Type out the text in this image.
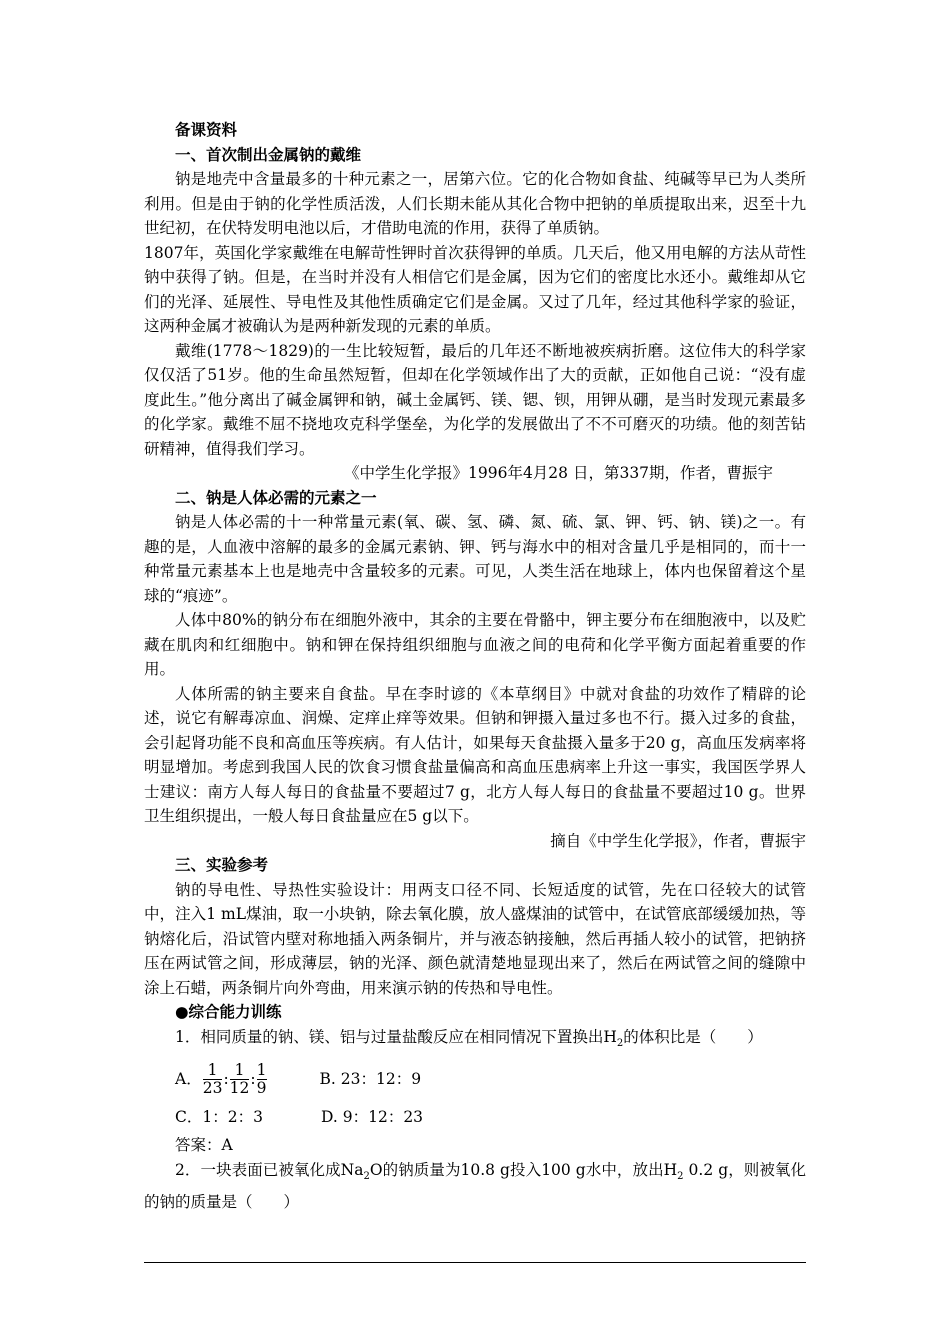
备课资料

一、首次制出金属钠的戴维

钠是地壳中含量最多的十种元素之一，居第六位。它的化合物如食盐、纯碱等早已为人类所利用。但是由于钠的化学性质活泼，人们长期未能从其化合物中把钠的单质提取出来，迟至十九世纪初，在伏特发明电池以后，才借助电流的作用，获得了单质钠。

1807年，英国化学家戴维在电解苛性钾时首次获得钾的单质。几天后，他又用电解的方法从苛性钠中获得了钠。但是，在当时并没有人相信它们是金属，因为它们的密度比水还小。戴维却从它们的光泽、延展性、导电性及其他性质确定它们是金属。又过了几年，经过其他科学家的验证，这两种金属才被确认为是两种新发现的元素的单质。

戴维(1778～1829)的一生比较短暂，最后的几年还不断地被疾病折磨。这位伟大的科学家仅仅活了51岁。他的生命虽然短暂，但却在化学领域作出了大的贡献，正如他自己说：“没有虚度此生。”他分离出了碱金属钾和钠，碱土金属钙、镁、锶、钡，用钾从硼，是当时发现元素最多的化学家。戴维不屈不挠地攻克科学堡垒，为化学的发展做出了不不可磨灭的功绩。他的刻苦钻研精神，值得我们学习。

《中学生化学报》1996年4月28 日，第337期，作者，曹振宇

二、钠是人体必需的元素之一

钠是人体必需的十一种常量元素(氧、碳、氢、磷、氮、硫、氯、钾、钙、钠、镁)之一。有趣的是，人血液中溶解的最多的金属元素钠、钾、钙与海水中的相对含量几乎是相同的，而十一种常量元素基本上也是地壳中含量较多的元素。可见，人类生活在地球上，体内也保留着这个星球的“痕迹”。

人体中80%的钠分布在细胞外液中，其余的主要在骨骼中，钾主要分布在细胞液中，以及贮藏在肌肉和红细胞中。钠和钾在保持组织细胞与血液之间的电荷和化学平衡方面起着重要的作用。

人体所需的钠主要来自食盐。早在李时谚的《本草纲目》中就对食盐的功效作了精辟的论述，说它有解毒凉血、润燥、定痒止痒等效果。但钠和钾摄入量过多也不行。摄入过多的食盐，会引起肾功能不良和高血压等疾病。有人估计，如果每天食盐摄入量多于20 g，高血压发病率将明显增加。考虑到我国人民的饮食习惯食盐量偏高和高血压患病率上升这一事实，我国医学界人士建议：南方人每人每日的食盐量不要超过7 g，北方人每人每日的食盐量不要超过10 g。世界卫生组织提出，一般人每日食盐量应在5 g以下。

摘自《中学生化学报》，作者，曹振宇

三、实验参考

钠的导电性、导热性实验设计：用两支口径不同、长短适度的试管，先在口径较大的试管中，注入1 mL煤油，取一小块钠，除去氧化膜，放人盛煤油的试管中，在试管底部缓缓加热，等钠熔化后，沿试管内壁对称地插入两条铜片，并与液态钠接触，然后再插人较小的试管，把钠挤压在两试管之间，形成薄层，钠的光泽、颜色就清楚地显现出来了，然后在两试管之间的缝隙中 涂上石蜡，两条铜片向外弯曲，用来演示钠的传热和导电性。

●综合能力训练

1．相同质量的钠、镁、铝与过量盐酸反应在相同情况下置换出$H_2$的体积比是（　　）

A． $\frac{1}{23}$ : $\frac{1}{12}$ : $\frac{1}{9}$	B. 23：12：9
C．1：2：3	D. 9：12：23
答案：A

2．一块表面已被氧化成$Na_2O$的钠质量为10.8 g投入100 g水中，放出$H_2$ 0.2 g，则被氧化的钠的质量是（　　）
